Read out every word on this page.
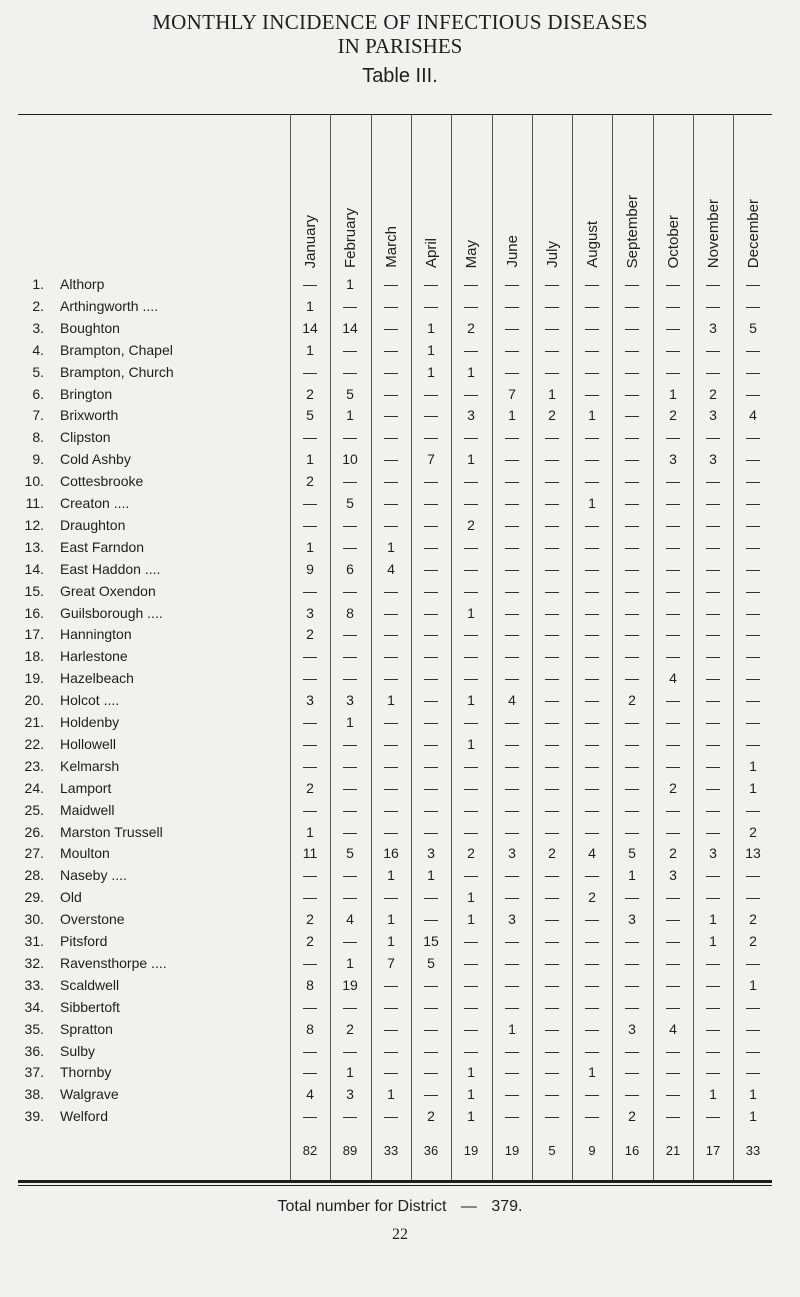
MONTHLY INCIDENCE OF INFECTIOUS DISEASES
IN PARISHES
Table III.
January February March April May June July August September October November December
1. Althorp	—	1	—	—	—	—	—	—	—	—	—	—
2. Arthingworth ....	1	—	—	—	—	—	—	—	—	—	—	—
3. Boughton	14	14	—	1	2	—	—	—	—	—	3	5
4. Brampton, Chapel	1	—	—	1	—	—	—	—	—	—	—	—
5. Brampton, Church	—	—	—	1	1	—	—	—	—	—	—	—
6. Brington	2	5	—	—	—	7	1	—	—	1	2	—
7. Brixworth	5	1	—	—	3	1	2	1	—	2	3	4
8. Clipston	—	—	—	—	—	—	—	—	—	—	—	—
9. Cold Ashby	1	10	—	7	1	—	—	—	—	3	3	—
10. Cottesbrooke	2	—	—	—	—	—	—	—	—	—	—	—
11. Creaton ....	—	5	—	—	—	—	—	1	—	—	—	—
12. Draughton	—	—	—	—	2	—	—	—	—	—	—	—
13. East Farndon	1	—	1	—	—	—	—	—	—	—	—	—
14. East Haddon ....	9	6	4	—	—	—	—	—	—	—	—	—
15. Great Oxendon	—	—	—	—	—	—	—	—	—	—	—	—
16. Guilsborough ....	3	8	—	—	1	—	—	—	—	—	—	—
17. Hannington	2	—	—	—	—	—	—	—	—	—	—	—
18. Harlestone	—	—	—	—	—	—	—	—	—	—	—	—
19. Hazelbeach	—	—	—	—	—	—	—	—	—	4	—	—
20. Holcot ....	3	3	1	—	1	4	—	—	2	—	—	—
21. Holdenby	—	1	—	—	—	—	—	—	—	—	—	—
22. Hollowell	—	—	—	—	1	—	—	—	—	—	—	—
23. Kelmarsh	—	—	—	—	—	—	—	—	—	—	—	1
24. Lamport	2	—	—	—	—	—	—	—	—	2	—	1
25. Maidwell	—	—	—	—	—	—	—	—	—	—	—	—
26. Marston Trussell	1	—	—	—	—	—	—	—	—	—	—	2
27. Moulton	11	5	16	3	2	3	2	4	5	2	3	13
28. Naseby ....	—	—	1	1	—	—	—	—	1	3	—	—
29. Old	—	—	—	—	1	—	—	2	—	—	—	—
30. Overstone	2	4	1	—	1	3	—	—	3	—	1	2
31. Pitsford	2	—	1	15	—	—	—	—	—	—	1	2
32. Ravensthorpe ....	—	1	7	5	—	—	—	—	—	—	—	—
33. Scaldwell	8	19	—	—	—	—	—	—	—	—	—	1
34. Sibbertoft	—	—	—	—	—	—	—	—	—	—	—	—
35. Spratton	8	2	—	—	—	1	—	—	3	4	—	—
36. Sulby	—	—	—	—	—	—	—	—	—	—	—	—
37. Thornby	—	1	—	—	1	—	—	1	—	—	—	—
38. Walgrave	4	3	1	—	1	—	—	—	—	—	1	1
39. Welford	—	—	—	2	1	—	—	—	2	—	—	1
82	89	33	36	19	19	5	9	16	21	17	33
Total number for District — 379.
22
